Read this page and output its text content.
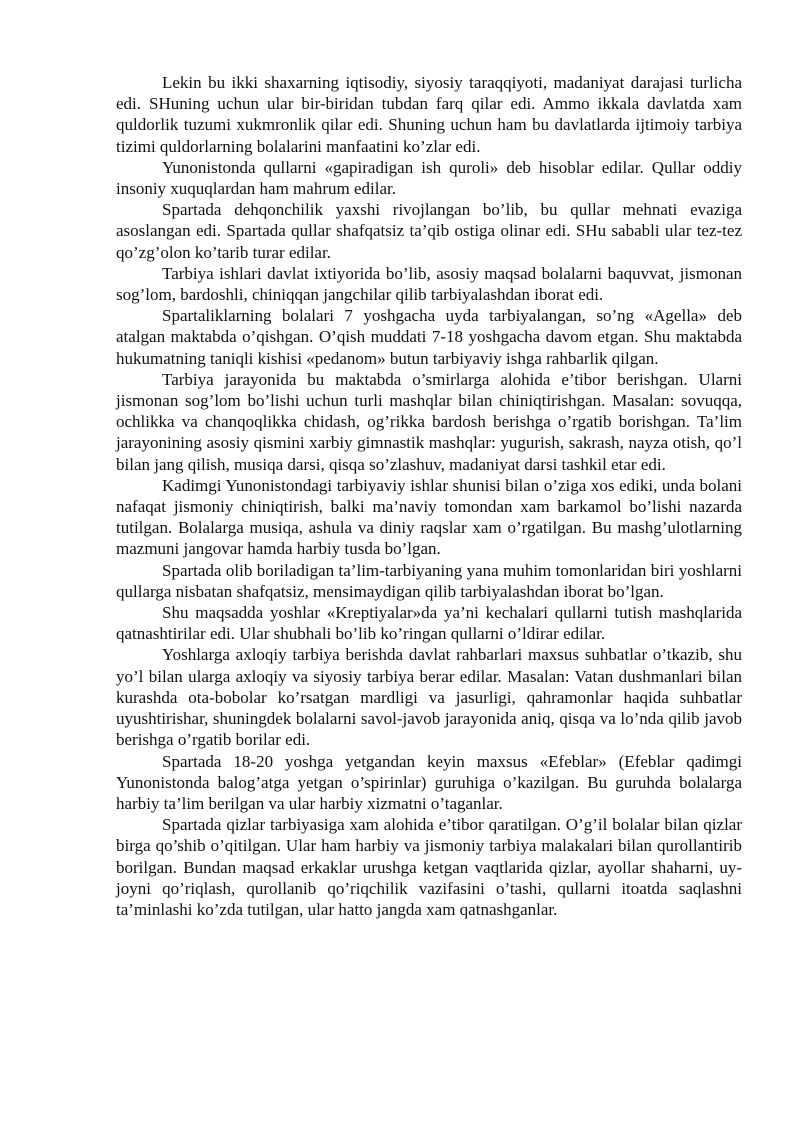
Lekin bu ikki shaxarning iqtisodiy, siyosiy taraqqiyoti, madaniyat darajasi turlicha edi. SHuning uchun ular bir-biridan tubdan farq qilar edi. Ammo ikkala davlatda xam quldorlik tuzumi xukmronlik qilar edi. Shuning uchun ham bu davlatlarda ijtimoiy tarbiya tizimi quldorlarning bolalarini manfaatini ko’zlar edi.

Yunonistonda qullarni «gapiradigan ish quroli» deb hisoblar edilar. Qullar oddiy insoniy xuquqlardan ham mahrum edilar.

Spartada dehqonchilik yaxshi rivojlangan bo’lib, bu qullar mehnati evaziga asoslangan edi. Spartada qullar shafqatsiz ta’qib ostiga olinar edi. SHu sababli ular tez-tez qo’zg’olon ko’tarib turar edilar.

Tarbiya ishlari davlat ixtiyorida bo’lib, asosiy maqsad bolalarni baquvvat, jismonan sog’lom, bardoshli, chiniqqan jangchilar qilib tarbiyalashdan iborat edi.

Spartaliklarning bolalari 7 yoshgacha uyda tarbiyalangan, so’ng «Agella» deb atalgan maktabda o’qishgan. O’qish muddati 7-18 yoshgacha davom etgan. Shu maktabda hukumatning taniqli kishisi «pedanom» butun tarbiyaviy ishga rahbarlik qilgan.

Tarbiya jarayonida bu maktabda o’smirlarga alohida e’tibor berishgan. Ularni jismonan sog’lom bo’lishi uchun turli mashqlar bilan chiniqtirishgan. Masalan: sovuqqa, ochlikka va chanqoqlikka chidash, og’rikka bardosh berishga o’rgatib borishgan. Ta’lim jarayonining asosiy qismini xarbiy gimnastik mashqlar: yugurish, sakrash, nayza otish, qo’l bilan jang qilish, musiqa darsi, qisqa so’zlashuv, madaniyat darsi tashkil etar edi.

Kadimgi Yunonistondagi tarbiyaviy ishlar shunisi bilan o’ziga xos ediki, unda bolani nafaqat jismoniy chiniqtirish, balki ma’naviy tomondan xam barkamol bo’lishi nazarda tutilgan. Bolalarga musiqa, ashula va diniy raqslar xam o’rgatilgan. Bu mashg’ulotlarning mazmuni jangovar hamda harbiy tusda bo’lgan.

Spartada olib boriladigan ta’lim-tarbiyaning yana muhim tomonlaridan biri yoshlarni qullarga nisbatan shafqatsiz, mensimaydigan qilib tarbiyalashdan iborat bo’lgan.

Shu maqsadda yoshlar «Kreptiyalar»da ya’ni kechalari qullarni tutish mashqlarida qatnashtirilar edi. Ular shubhali bo’lib ko’ringan qullarni o’ldirar edilar.

Yoshlarga axloqiy tarbiya berishda davlat rahbarlari maxsus suhbatlar o’tkazib, shu yo’l bilan ularga axloqiy va siyosiy tarbiya berar edilar. Masalan: Vatan dushmanlari bilan kurashda ota-bobolar ko’rsatgan mardligi va jasurligi, qahramonlar haqida suhbatlar uyushtirishar, shuningdek bolalarni savol-javob jarayonida aniq, qisqa va lo’nda qilib javob berishga o’rgatib borilar edi.

Spartada 18-20 yoshga yetgandan keyin maxsus «Efeblar» (Efeblar qadimgi Yunonistonda balog’atga yetgan o’spirinlar) guruhiga o’kazilgan. Bu guruhda bolalarga harbiy ta’lim berilgan va ular harbiy xizmatni o’taganlar.

Spartada qizlar tarbiyasiga xam alohida e’tibor qaratilgan. O’g’il bolalar bilan qizlar birga qo’shib o’qitilgan. Ular ham harbiy va jismoniy tarbiya malakalari bilan qurollantirib borilgan. Bundan maqsad erkaklar urushga ketgan vaqtlarida qizlar, ayollar shaharni, uy-joyni qo’riqlash, qurollanib qo’riqchilik vazifasini o’tashi, qullarni itoatda saqlashni ta’minlashi ko’zda tutilgan, ular hatto jangda xam qatnashganlar.
